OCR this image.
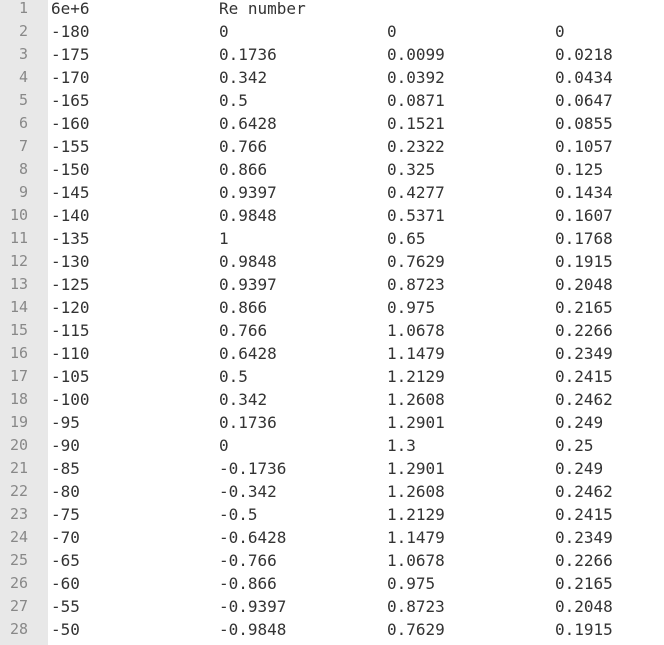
1 6e+6	Re number
2 -180	0	0	0
3 -175	0.1736	0.0099	0.0218
4 -170	0.342	0.0392	0.0434
5 -165	0.5	0.0871	0.0647
6 -160	0.6428	0.1521	0.0855
7 -155	0.766	0.2322	0.1057
8 -150	0.866	0.325	0.125
9 -145	0.9397	0.4277	0.1434
10 -140	0.9848	0.5371	0.1607
11 -135	1	0.65	0.1768
12 -130	0.9848	0.7629	0.1915
13 -125	0.9397	0.8723	0.2048
14 -120	0.866	0.975	0.2165
15 -115	0.766	1.0678	0.2266
16 -110	0.6428	1.1479	0.2349
17 -105	0.5	1.2129	0.2415
18 -100	0.342	1.2608	0.2462
19 -95	0.1736	1.2901	0.249
20 -90	0	1.3	0.25
21 -85	-0.1736	1.2901	0.249
22 -80	-0.342	1.2608	0.2462
23 -75	-0.5	1.2129	0.2415
24 -70	-0.6428	1.1479	0.2349
25 -65	-0.766	1.0678	0.2266
26 -60	-0.866	0.975	0.2165
27 -55	-0.9397	0.8723	0.2048
28 -50	-0.9848	0.7629	0.1915
